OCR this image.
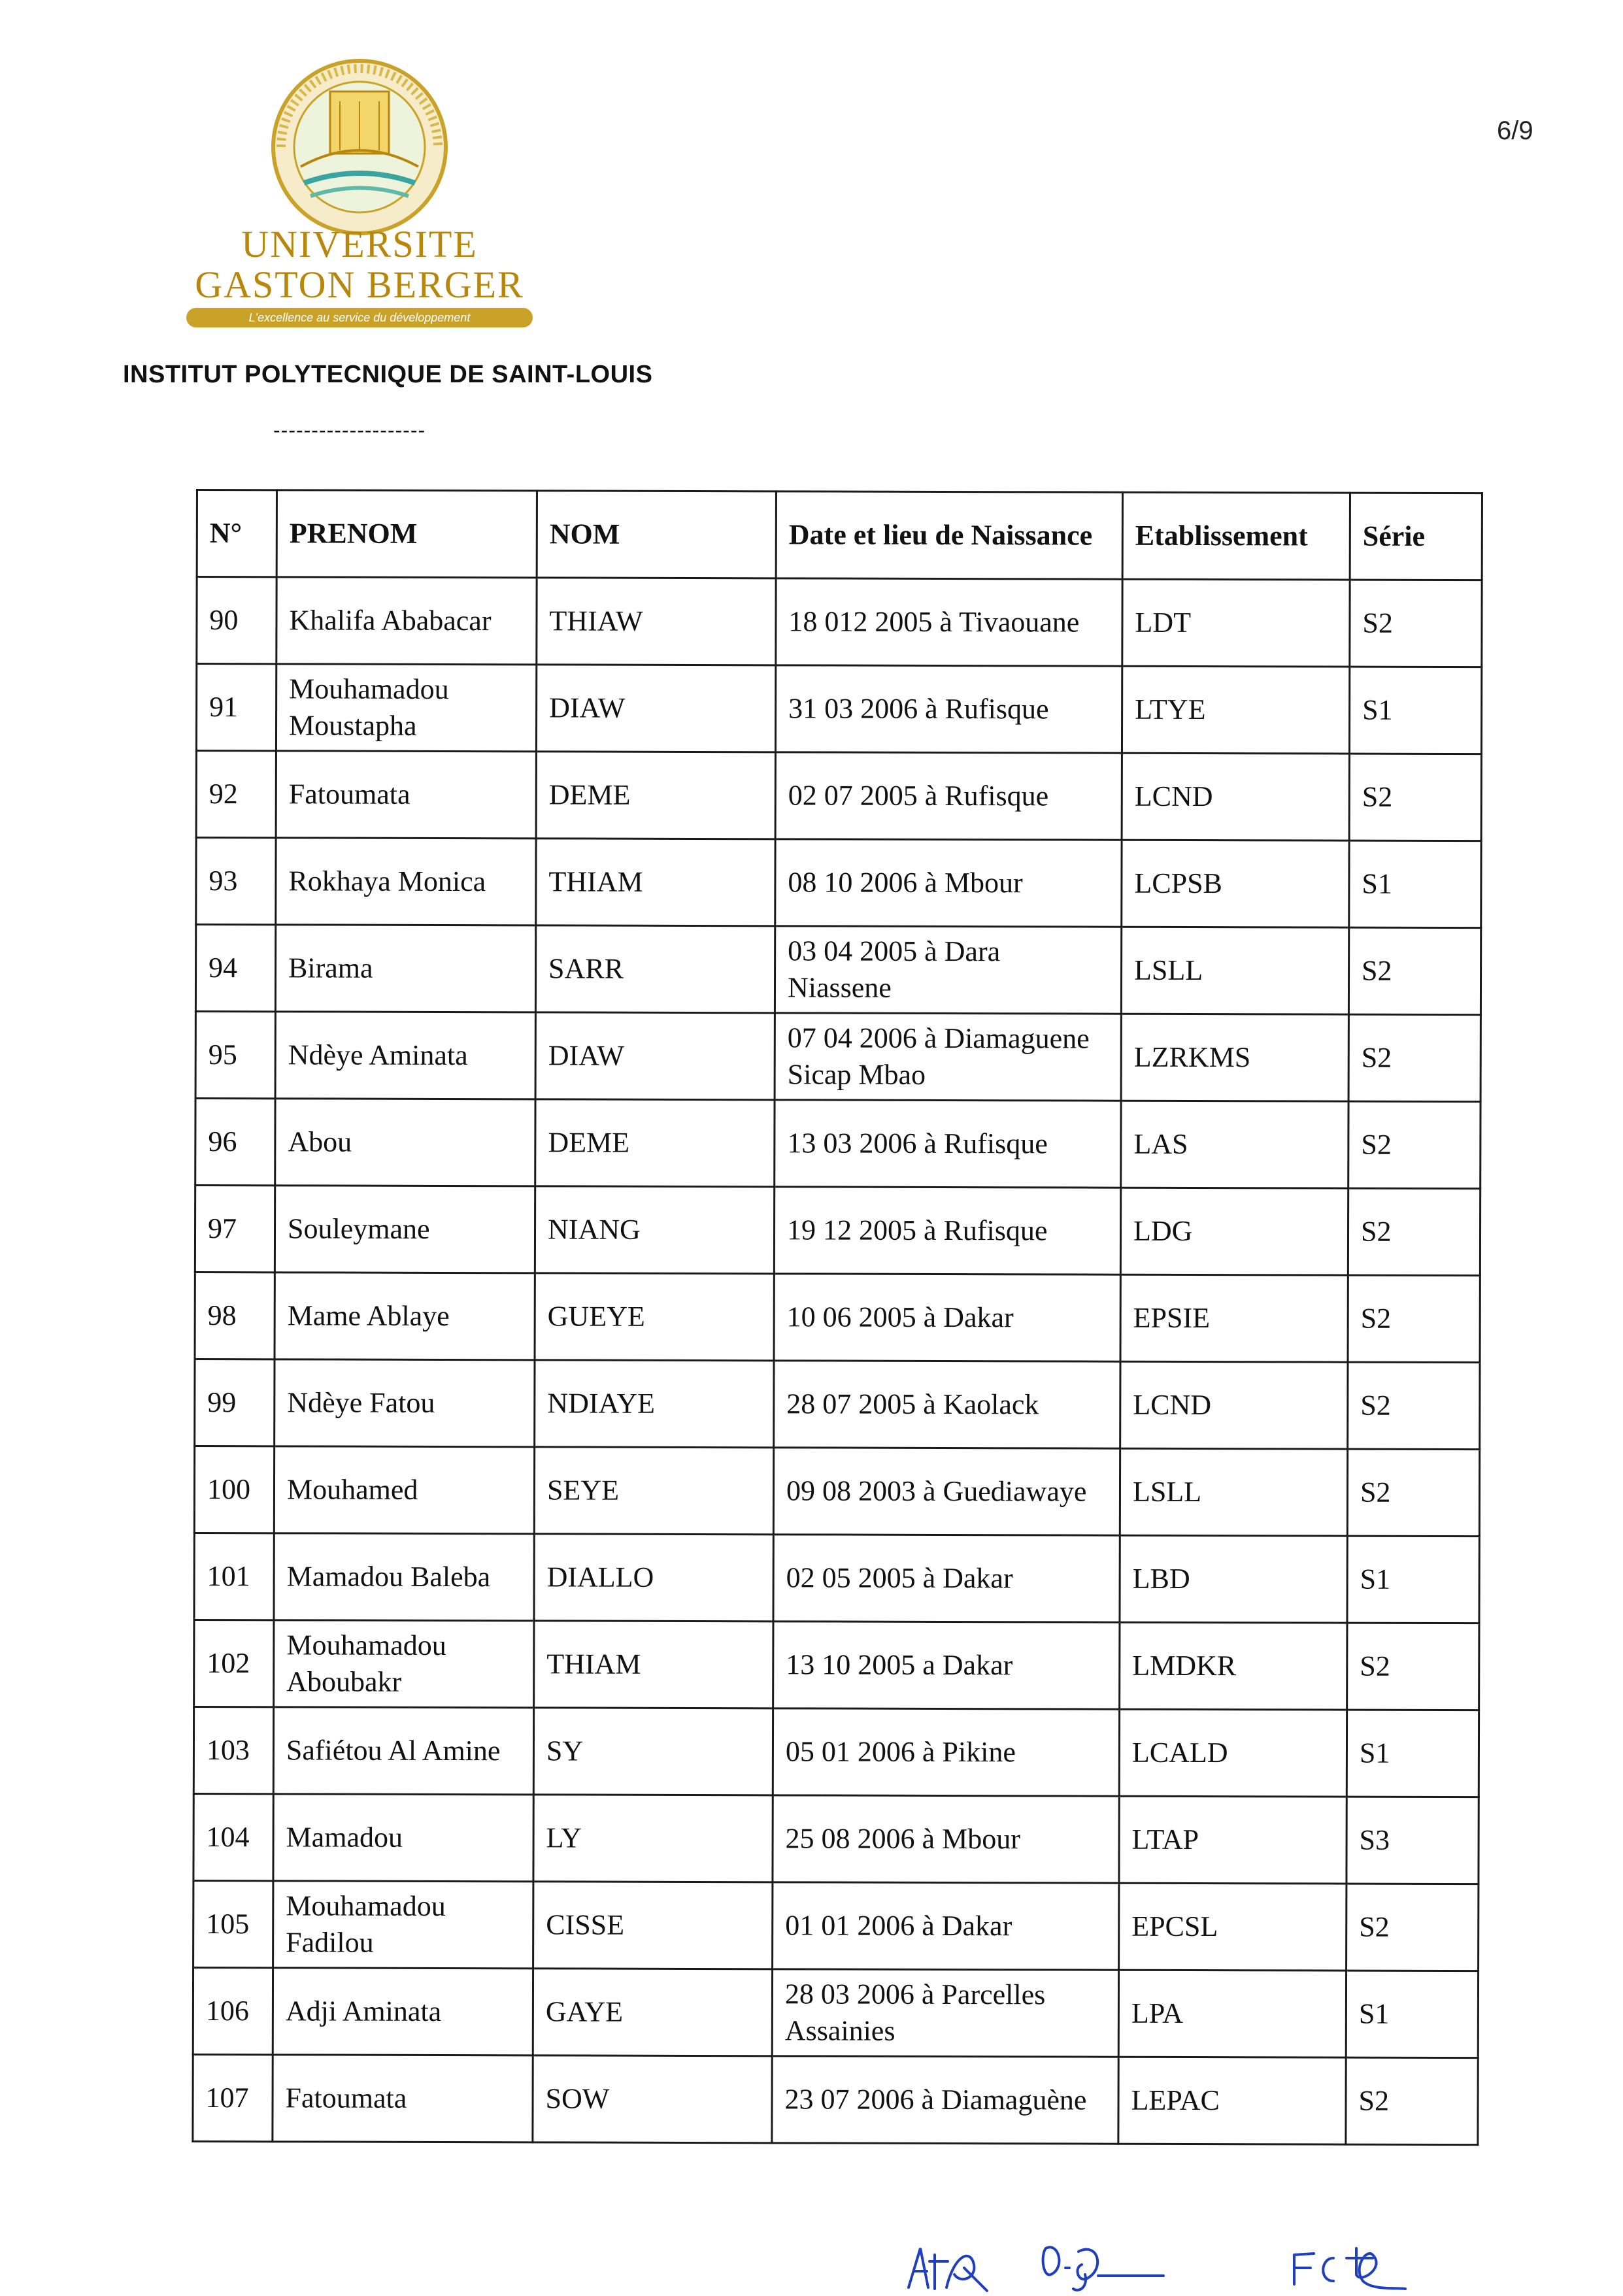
UNIVERSITE
GASTON BERGER
L'excellence au service du développement
6/9
INSTITUT POLYTECNIQUE DE SAINT-LOUIS
--------------------
N°	PRENOM	NOM	Date et lieu de Naissance	Etablissement	Série
90	Khalifa Ababacar	THIAW	18 012 2005 à Tivaouane	LDT	S2
91	Mouhamadou Moustapha	DIAW	31 03 2006 à Rufisque	LTYE	S1
92	Fatoumata	DEME	02 07 2005 à Rufisque	LCND	S2
93	Rokhaya Monica	THIAM	08 10 2006 à Mbour	LCPSB	S1
94	Birama	SARR	03 04 2005 à Dara Niassene	LSLL	S2
95	Ndèye Aminata	DIAW	07 04 2006 à Diamaguene Sicap Mbao	LZRKMS	S2
96	Abou	DEME	13 03 2006 à Rufisque	LAS	S2
97	Souleymane	NIANG	19 12 2005 à Rufisque	LDG	S2
98	Mame Ablaye	GUEYE	10 06 2005 à Dakar	EPSIE	S2
99	Ndèye Fatou	NDIAYE	28 07 2005 à Kaolack	LCND	S2
100	Mouhamed	SEYE	09 08 2003 à Guediawaye	LSLL	S2
101	Mamadou Baleba	DIALLO	02 05 2005 à Dakar	LBD	S1
102	Mouhamadou Aboubakr	THIAM	13 10 2005 a Dakar	LMDKR	S2
103	Safiétou Al Amine	SY	05 01 2006 à Pikine	LCALD	S1
104	Mamadou	LY	25 08 2006 à Mbour	LTAP	S3
105	Mouhamadou Fadilou	CISSE	01 01 2006 à Dakar	EPCSL	S2
106	Adji Aminata	GAYE	28 03 2006 à Parcelles Assainies	LPA	S1
107	Fatoumata	SOW	23 07 2006 à Diamaguène	LEPAC	S2
